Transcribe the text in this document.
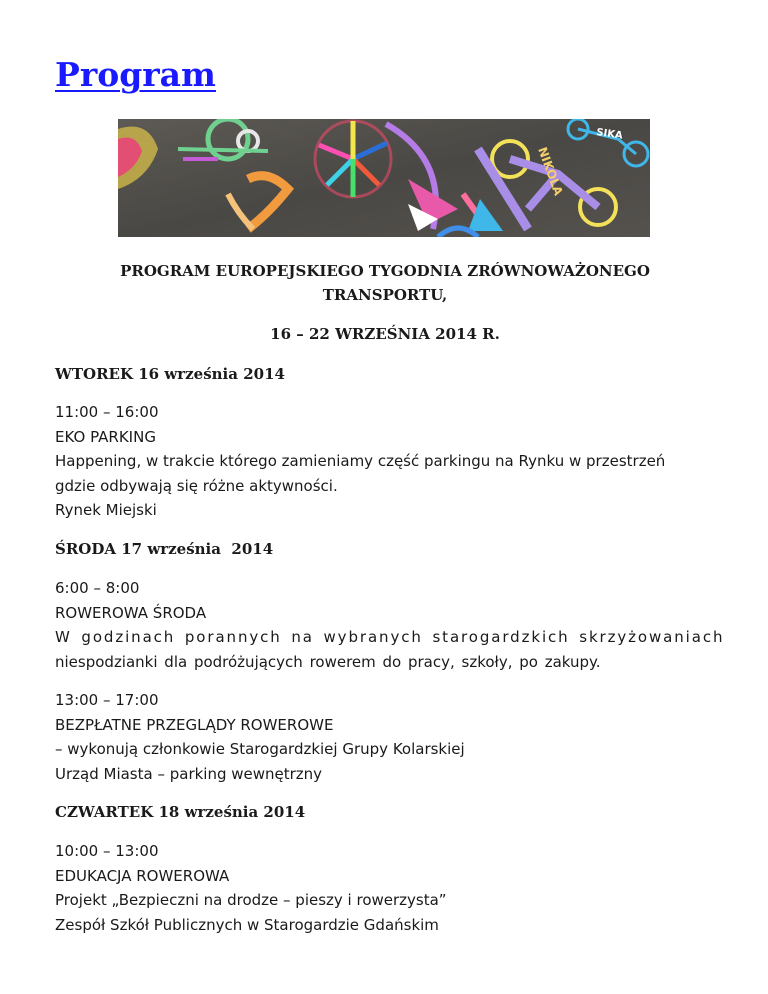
Program
NIKOLA
SIKA
PROGRAM EUROPEJSKIEGO TYGODNIA ZRÓWNOWAŻONEGO
TRANSPORTU,
16 – 22 WRZEŚNIA 2014 R.
WTOREK 16 września 2014
11:00 – 16:00
EKO PARKING
Happening, w trakcie którego zamieniamy część parkingu na Rynku w przestrzeń
gdzie odbywają się różne aktywności.
Rynek Miejski
ŚRODA 17 września  2014
6:00 – 8:00
ROWEROWA ŚRODA
W godzinach porannych na wybranych starogardzkich skrzyżowaniach
niespodzianki dla podróżujących rowerem do pracy, szkoły, po zakupy.
13:00 – 17:00
BEZPŁATNE PRZEGLĄDY ROWEROWE
– wykonują członkowie Starogardzkiej Grupy Kolarskiej
Urząd Miasta – parking wewnętrzny
CZWARTEK 18 września 2014
10:00 – 13:00
EDUKACJA ROWEROWA
Projekt „Bezpieczni na drodze – pieszy i rowerzysta”
Zespół Szkół Publicznych w Starogardzie Gdańskim
